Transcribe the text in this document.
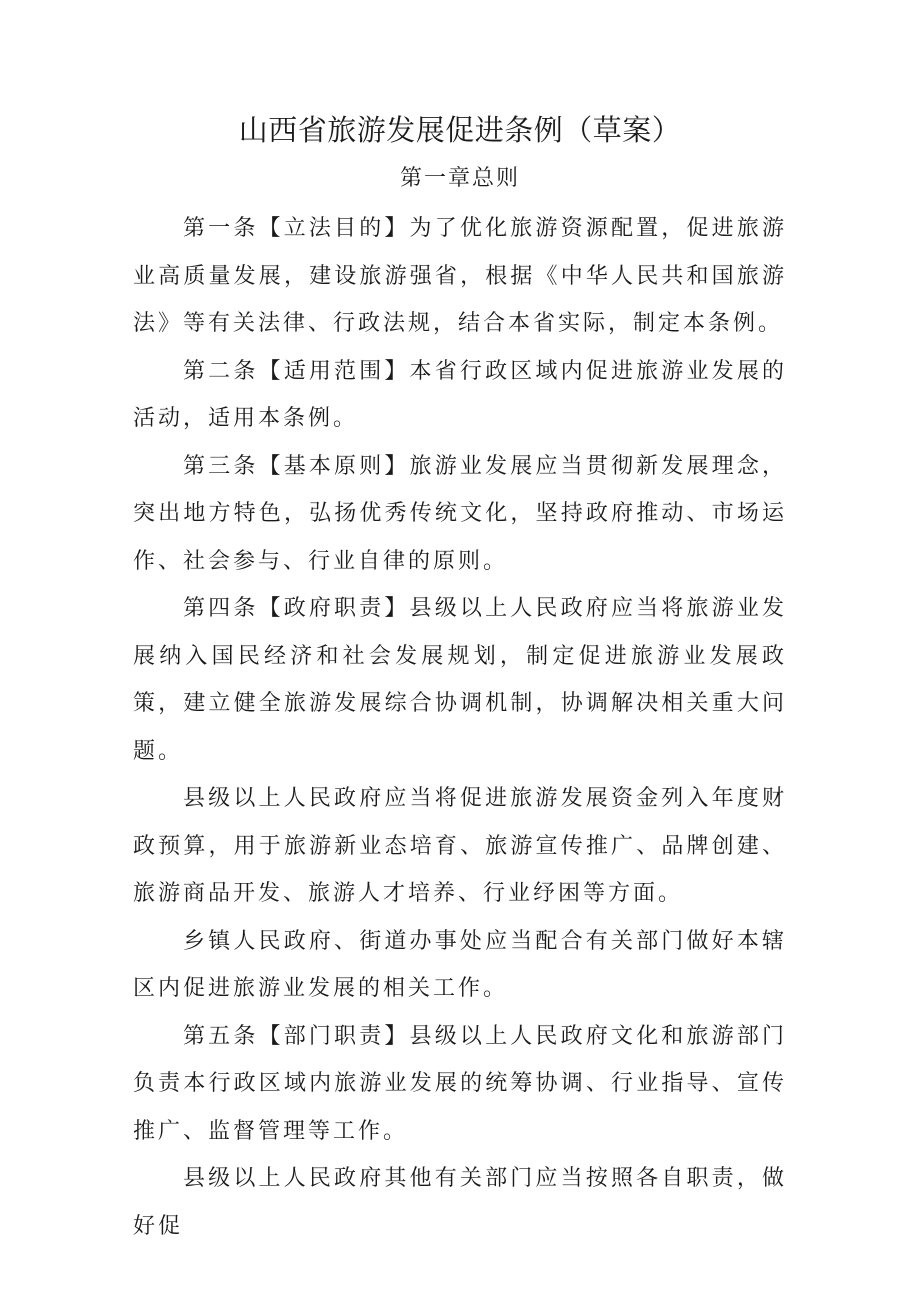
山西省旅游发展促进条例（草案）
第一章总则

第一条【立法目的】为了优化旅游资源配置，促进旅游业高质量发展，建设旅游强省，根据《中华人民共和国旅游法》等有关法律、行政法规，结合本省实际，制定本条例。

第二条【适用范围】本省行政区域内促进旅游业发展的活动，适用本条例。

第三条【基本原则】旅游业发展应当贯彻新发展理念，突出地方特色，弘扬优秀传统文化，坚持政府推动、市场运作、社会参与、行业自律的原则。

第四条【政府职责】县级以上人民政府应当将旅游业发展纳入国民经济和社会发展规划，制定促进旅游业发展政策，建立健全旅游发展综合协调机制，协调解决相关重大问题。

县级以上人民政府应当将促进旅游发展资金列入年度财政预算，用于旅游新业态培育、旅游宣传推广、品牌创建、旅游商品开发、旅游人才培养、行业纾困等方面。

乡镇人民政府、街道办事处应当配合有关部门做好本辖区内促进旅游业发展的相关工作。

第五条【部门职责】县级以上人民政府文化和旅游部门负责本行政区域内旅游业发展的统筹协调、行业指导、宣传推广、监督管理等工作。

县级以上人民政府其他有关部门应当按照各自职责，做好促
